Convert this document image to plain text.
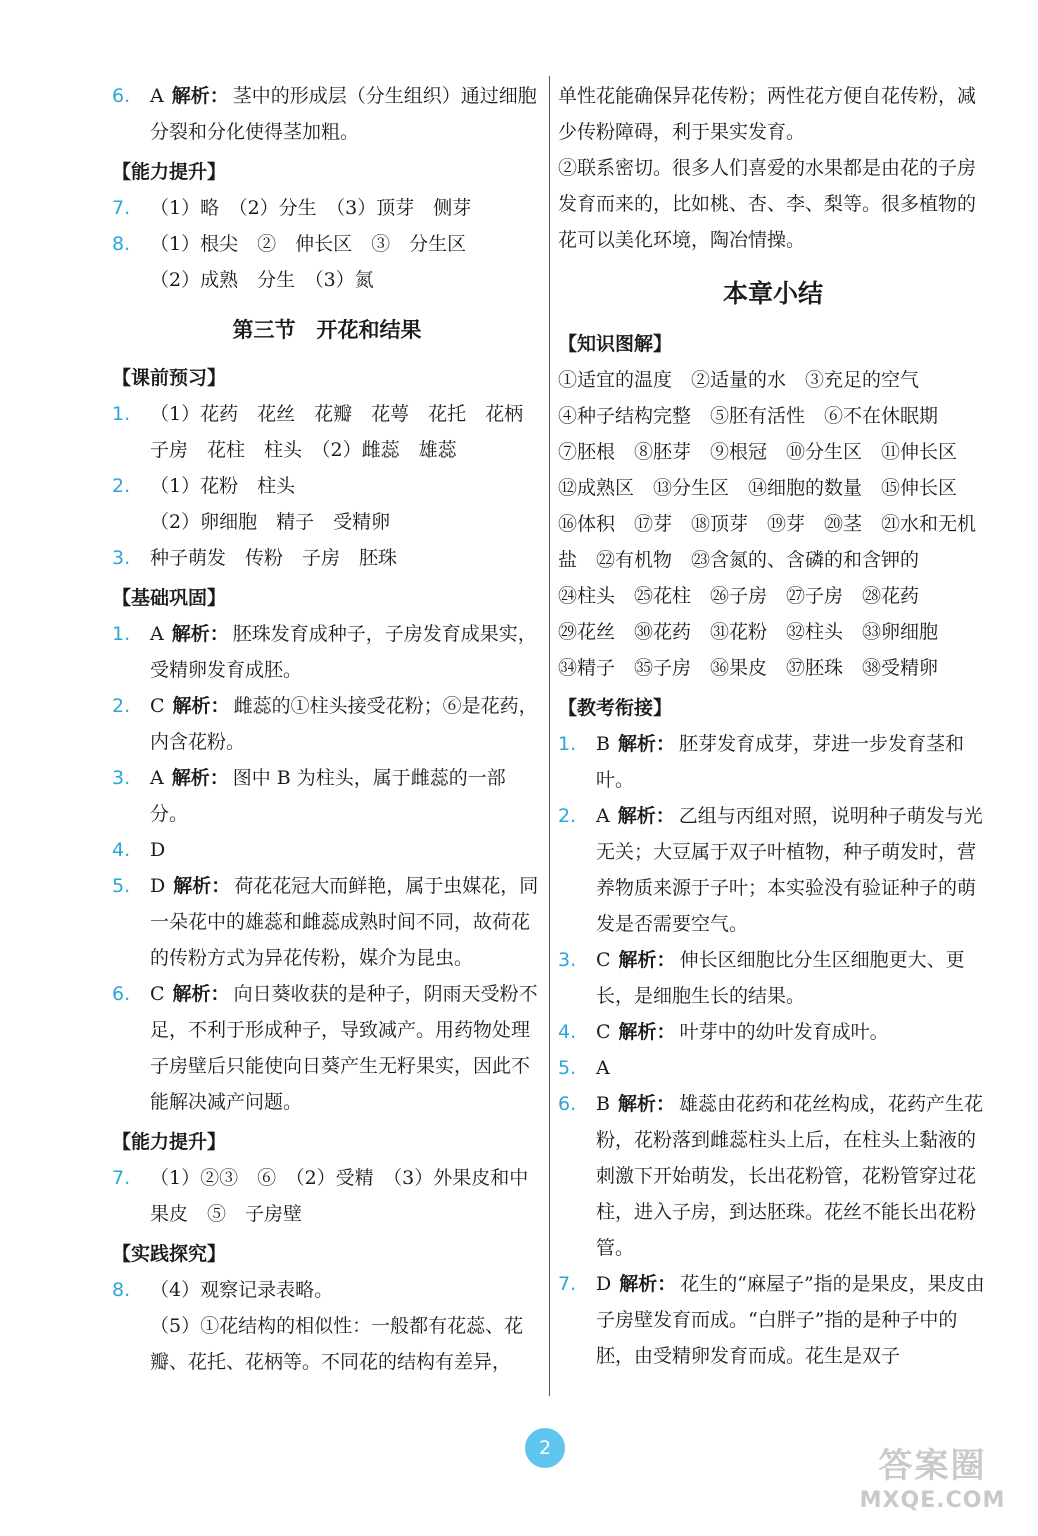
6. A 解析： 茎中的形成层（分生组织）通过细胞分裂和分化使得茎加粗。

【能力提升】

7. （1）略　（2）分生　（3）顶芽　侧芽

8. （1）根尖　②　伸长区　③　分生区
（2）成熟　分生　（3）氮
第三节　开花和结果

【课前预习】

1. （1）花药　花丝　花瓣　花萼　花托　花柄
子房　花柱　柱头　（2）雌蕊　雄蕊
2. （1）花粉　柱头
（2）卵细胞　精子　受精卵

3. 种子萌发　传粉　子房　胚珠

【基础巩固】

1. A 解析： 胚珠发育成种子，子房发育成果实，受精卵发育成胚。

2. C 解析： 雌蕊的①柱头接受花粉；⑥是花药，内含花粉。

3. A 解析： 图中 B 为柱头，属于雌蕊的一部分。

4. D

5. D 解析： 荷花花冠大而鲜艳，属于虫媒花，同一朵花中的雄蕊和雌蕊成熟时间不同，故荷花的传粉方式为异花传粉，媒介为昆虫。

6. C 解析： 向日葵收获的是种子，阴雨天受粉不足，不利于形成种子，导致减产。用药物处理子房壁后只能使向日葵产生无籽果实，因此不能解决减产问题。

【能力提升】

7. （1）②③　⑥　（2）受精　（3）外果皮和中果皮　⑤　子房壁

【实践探究】

8. （4）观察记录表略。
（5）①花结构的相似性：一般都有花蕊、花瓣、花托、花柄等。不同花的结构有差异，

单性花能确保异花传粉；两性花方便自花传粉，减少传粉障碍，利于果实发育。

②联系密切。很多人们喜爱的水果都是由花的子房发育而来的，比如桃、杏、李、梨等。很多植物的花可以美化环境，陶冶情操。

本章小结

【知识图解】

①适宜的温度　②适量的水　③充足的空气

④种子结构完整　⑤胚有活性　⑥不在休眠期

⑦胚根　⑧胚芽　⑨根冠　⑩分生区　⑪伸长区

⑫成熟区　⑬分生区　⑭细胞的数量　⑮伸长区

⑯体积　⑰芽　⑱顶芽　⑲芽　⑳茎　㉑水和无机盐　㉒有机物　㉓含氮的、含磷的和含钾的

㉔柱头　㉕花柱　㉖子房　㉗子房　㉘花药

㉙花丝　㉚花药　㉛花粉　㉜柱头　㉝卵细胞

㉞精子　㉟子房　㊱果皮　㊲胚珠　㊳受精卵

【教考衔接】

1. B 解析： 胚芽发育成芽，芽进一步发育茎和叶。

2. A 解析： 乙组与丙组对照，说明种子萌发与光无关；大豆属于双子叶植物，种子萌发时，营养物质来源于子叶；本实验没有验证种子的萌发是否需要空气。

3. C 解析： 伸长区细胞比分生区细胞更大、更长，是细胞生长的结果。

4. C 解析： 叶芽中的幼叶发育成叶。

5. A

6. B 解析： 雄蕊由花药和花丝构成，花药产生花粉，花粉落到雌蕊柱头上后，在柱头上黏液的刺激下开始萌发，长出花粉管，花粉管穿过花柱，进入子房，到达胚珠。花丝不能长出花粉管。

7. D 解析： 花生的“麻屋子”指的是果皮，果皮由子房壁发育而成。“白胖子”指的是种子中的胚，由受精卵发育而成。花生是双子

2	答案圈
MXQE.COM
